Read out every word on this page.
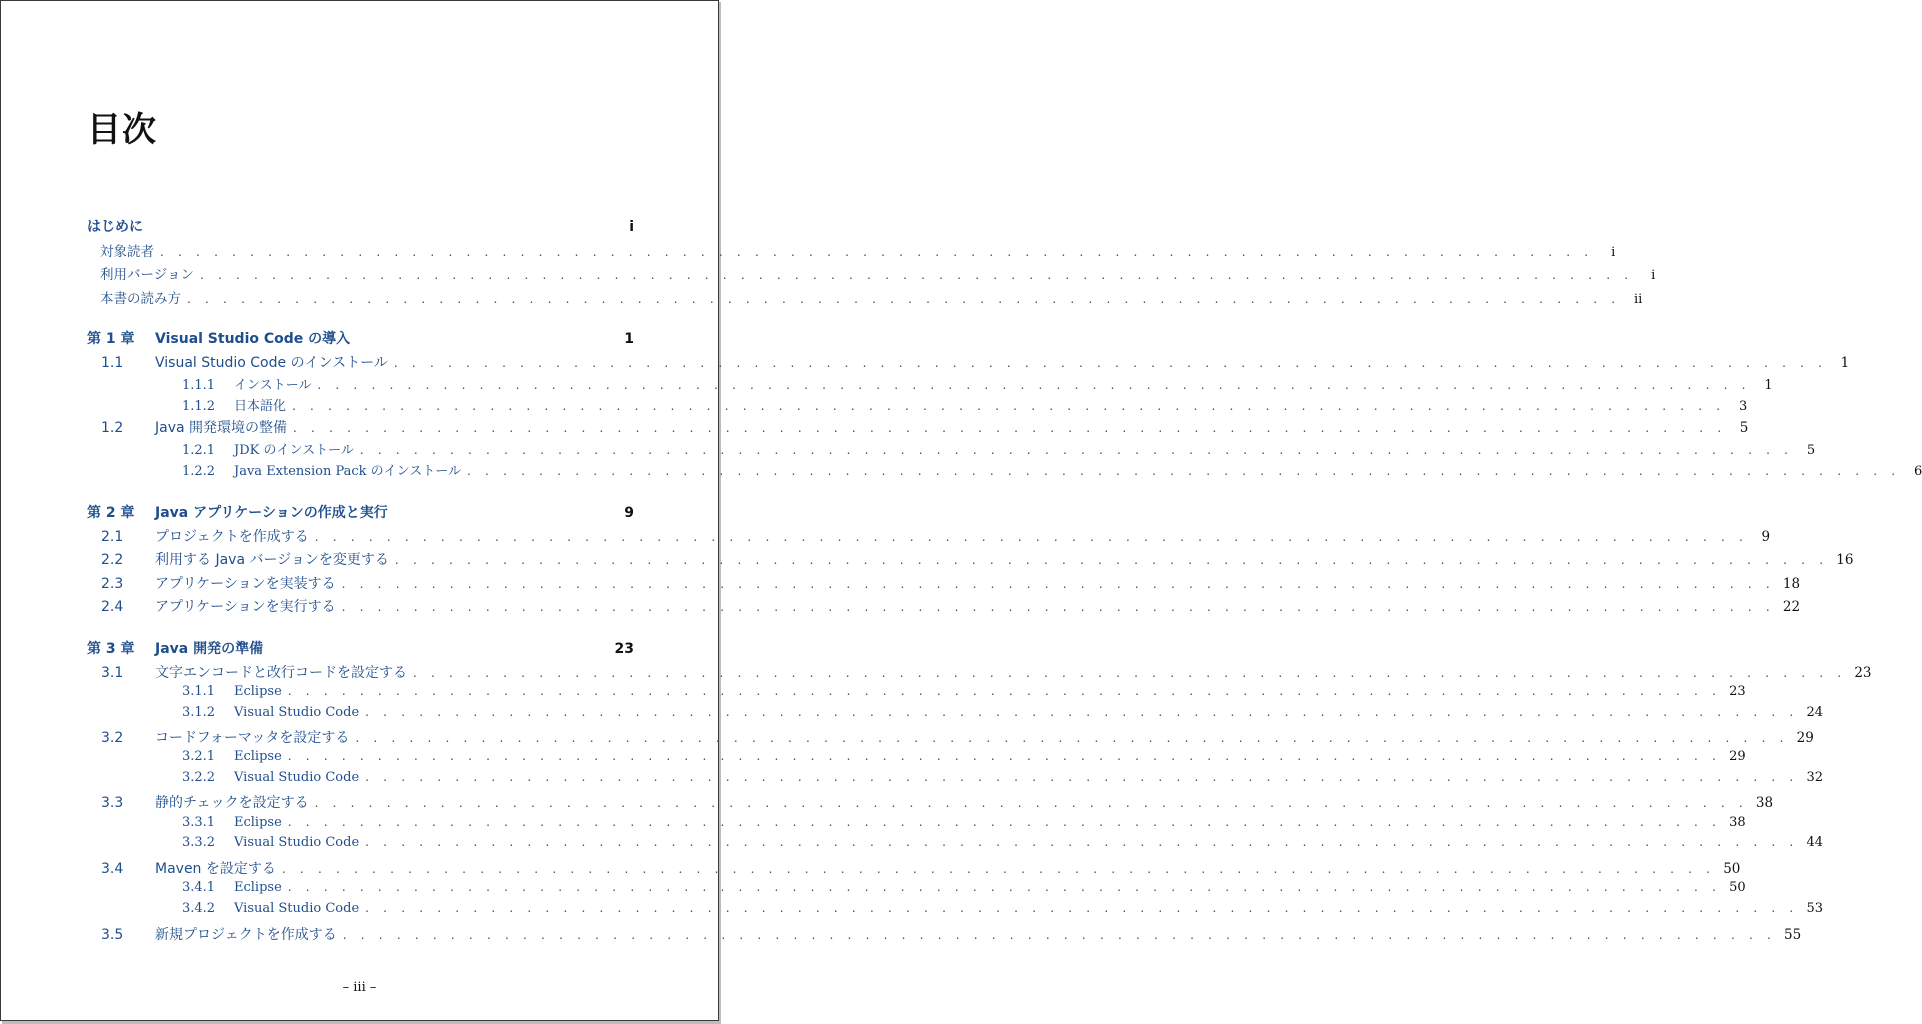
目次
はじめに	i
対象読者 . . . . . . . . . . . . . . . . . . . . . . . . . . . . . . . . . . . . . . . . . . . . . . . . . . . . . . . . . . . . . . . . . . . . . . . . . . . . . . . .	i
利用バージョン . . . . . . . . . . . . . . . . . . . . . . . . . . . . . . . . . . . . . . . . . . . . . . . . . . . . . . . . . . . . . . . . . . . . . . . . . . . . . . . .	i
本書の読み方 . . . . . . . . . . . . . . . . . . . . . . . . . . . . . . . . . . . . . . . . . . . . . . . . . . . . . . . . . . . . . . . . . . . . . . . . . . . . . . . .	ii
第 1 章	Visual Studio Code の導入	1
1.1	Visual Studio Code のインストール . . . . . . . . . . . . . . . . . . . . . . . . . . . . . . . . . . . . . . . . . . . . . . . . . . . . . . . . . . . . . . . . . . . . . . . . . . . . . . . . 1
1.1.1	インストール . . . . . . . . . . . . . . . . . . . . . . . . . . . . . . . . . . . . . . . . . . . . . . . . . . . . . . . . . . . . . . . . . . . . . . . . . . . . . . . .	1
1.1.2	日本語化 . . . . . . . . . . . . . . . . . . . . . . . . . . . . . . . . . . . . . . . . . . . . . . . . . . . . . . . . . . . . . . . . . . . . . . . . . . . . . . . .	3
1.2	Java 開発環境の整備 . . . . . . . . . . . . . . . . . . . . . . . . . . . . . . . . . . . . . . . . . . . . . . . . . . . . . . . . . . . . . . . . . . . . . . . . . . . . . . . . 5
1.2.1	JDK のインストール . . . . . . . . . . . . . . . . . . . . . . . . . . . . . . . . . . . . . . . . . . . . . . . . . . . . . . . . . . . . . . . . . . . . . . . . . . . . . . . .	5
1.2.2	Java Extension Pack のインストール . . . . . . . . . . . . . . . . . . . . . . . . . . . . . . . . . . . . . . . . . . . . . . . . . . . . . . . . . . . . . . . . . . . . . . . . . . . . . . . .	6
第 2 章	Java アプリケーションの作成と実行	9
2.1	プロジェクトを作成する . . . . . . . . . . . . . . . . . . . . . . . . . . . . . . . . . . . . . . . . . . . . . . . . . . . . . . . . . . . . . . . . . . . . . . . . . . . . . . . . 9
2.2	利用する Java バージョンを変更する . . . . . . . . . . . . . . . . . . . . . . . . . . . . . . . . . . . . . . . . . . . . . . . . . . . . . . . . . . . . . . . . . . . . . . . . . . . . . . . . 16
2.3	アプリケーションを実装する . . . . . . . . . . . . . . . . . . . . . . . . . . . . . . . . . . . . . . . . . . . . . . . . . . . . . . . . . . . . . . . . . . . . . . . . . . . . . . . . 18
2.4	アプリケーションを実行する . . . . . . . . . . . . . . . . . . . . . . . . . . . . . . . . . . . . . . . . . . . . . . . . . . . . . . . . . . . . . . . . . . . . . . . . . . . . . . . . 22
第 3 章	Java 開発の準備	23
3.1	文字エンコードと改行コードを設定する . . . . . . . . . . . . . . . . . . . . . . . . . . . . . . . . . . . . . . . . . . . . . . . . . . . . . . . . . . . . . . . . . . . . . . . . . . . . . . . . 23
3.1.1	Eclipse . . . . . . . . . . . . . . . . . . . . . . . . . . . . . . . . . . . . . . . . . . . . . . . . . . . . . . . . . . . . . . . . . . . . . . . . . . . . . . . . 23
3.1.2	Visual Studio Code . . . . . . . . . . . . . . . . . . . . . . . . . . . . . . . . . . . . . . . . . . . . . . . . . . . . . . . . . . . . . . . . . . . . . . . . . . . . . . . . 24
3.2	コードフォーマッタを設定する . . . . . . . . . . . . . . . . . . . . . . . . . . . . . . . . . . . . . . . . . . . . . . . . . . . . . . . . . . . . . . . . . . . . . . . . . . . . . . . . 29
3.2.1	Eclipse . . . . . . . . . . . . . . . . . . . . . . . . . . . . . . . . . . . . . . . . . . . . . . . . . . . . . . . . . . . . . . . . . . . . . . . . . . . . . . . . 29
3.2.2	Visual Studio Code . . . . . . . . . . . . . . . . . . . . . . . . . . . . . . . . . . . . . . . . . . . . . . . . . . . . . . . . . . . . . . . . . . . . . . . . . . . . . . . . 32
3.3	静的チェックを設定する . . . . . . . . . . . . . . . . . . . . . . . . . . . . . . . . . . . . . . . . . . . . . . . . . . . . . . . . . . . . . . . . . . . . . . . . . . . . . . . . 38
3.3.1	Eclipse . . . . . . . . . . . . . . . . . . . . . . . . . . . . . . . . . . . . . . . . . . . . . . . . . . . . . . . . . . . . . . . . . . . . . . . . . . . . . . . . 38
3.3.2	Visual Studio Code . . . . . . . . . . . . . . . . . . . . . . . . . . . . . . . . . . . . . . . . . . . . . . . . . . . . . . . . . . . . . . . . . . . . . . . . . . . . . . . . 44
3.4	Maven を設定する . . . . . . . . . . . . . . . . . . . . . . . . . . . . . . . . . . . . . . . . . . . . . . . . . . . . . . . . . . . . . . . . . . . . . . . . . . . . . . . . 50
3.4.1	Eclipse . . . . . . . . . . . . . . . . . . . . . . . . . . . . . . . . . . . . . . . . . . . . . . . . . . . . . . . . . . . . . . . . . . . . . . . . . . . . . . . . 50
3.4.2	Visual Studio Code . . . . . . . . . . . . . . . . . . . . . . . . . . . . . . . . . . . . . . . . . . . . . . . . . . . . . . . . . . . . . . . . . . . . . . . . . . . . . . . . 53
3.5	新規プロジェクトを作成する . . . . . . . . . . . . . . . . . . . . . . . . . . . . . . . . . . . . . . . . . . . . . . . . . . . . . . . . . . . . . . . . . . . . . . . . . . . . . . . . 55
– iii –
